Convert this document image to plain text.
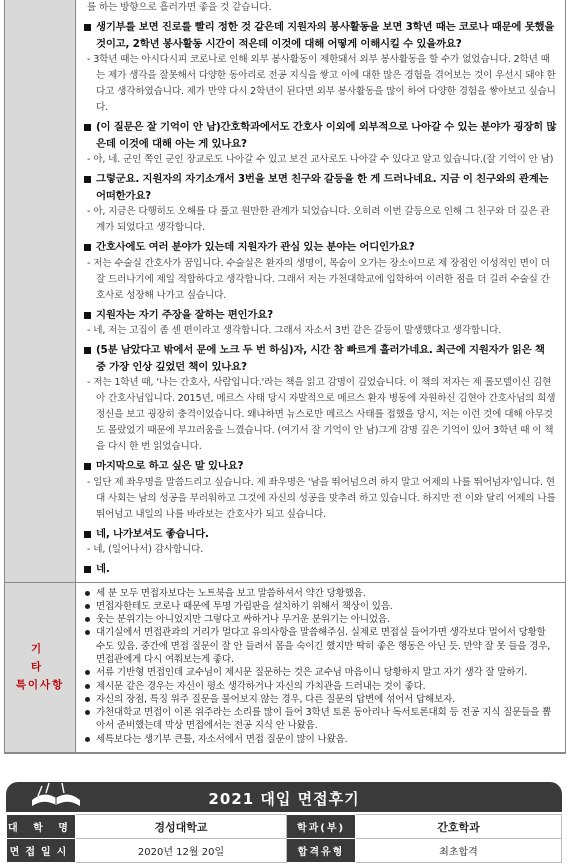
를 하는 방향으로 흘러가면 좋을 것 같습니다.
생기부를 보면 진로를 빨리 정한 것 같은데 지원자의 봉사활동을 보면 3학년 때는 코로나 때문에 못했을 것이고, 2학년 봉사활동 시간이 적은데 이것에 대해 어떻게 이해시킬 수 있을까요?
- 3학년 때는 아시다시피 코로나로 인해 외부 봉사활동이 제한돼서 외부 봉사활동을 할 수가 없었습니다. 2학년 때는 제가 생각을 잘못해서 다양한 동아리로 전공 지식을 쌓고 이에 대한 많은 경험을 겪어보는 것이 우선시 돼야 한다고 생각하였습니다. 제가 만약 다시 2학년이 된다면 외부 봉사활동을 많이 하여 다양한 경험을 쌓아보고 싶습니다.
(이 질문은 잘 기억이 안 남)간호학과에서도 간호사 이외에 외부적으로 나아갈 수 있는 분야가 굉장히 많은데 이것에 대해 아는 게 있나요?
- 아, 네. 군인 쪽인 군인 장교로도 나아갈 수 있고 보건 교사로도 나아갈 수 있다고 알고 있습니다.(잘 기억이 안 남)
그렇군요. 지원자의 자기소개서 3번을 보면 친구와 갈등을 한 게 드러나네요. 지금 이 친구와의 관계는 어떠한가요?
- 아, 지금은 다행히도 오해를 다 풀고 원만한 관계가 되었습니다. 오히려 이번 갈등으로 인해 그 친구와 더 깊은 관계가 되었다고 생각합니다.
간호사에도 여러 분야가 있는데 지원자가 관심 있는 분야는 어디인가요?
- 저는 수술실 간호사가 꿈입니다. 수술실은 환자의 생명이, 목숨이 오가는 장소이므로 제 장점인 이성적인 면이 더 잘 드러나기에 제일 적합하다고 생각합니다. 그래서 저는 가천대학교에 입학하여 이러한 점을 더 길러 수술실 간호사로 성장해 나가고 싶습니다.
지원자는 자기 주장을 잘하는 편인가요?
- 네, 저는 고집이 좀 센 편이라고 생각합니다. 그래서 자소서 3번 같은 갈등이 발생했다고 생각합니다.
(5분 남았다고 밖에서 문에 노크 두 번 하심)자, 시간 참 빠르게 흘러가네요. 최근에 지원자가 읽은 책 중 가장 인상 깊었던 책이 있나요?
- 저는 1학년 때, '나는 간호사, 사람입니다.'라는 책을 읽고 감명이 깊었습니다. 이 책의 저자는 제 롤모델이신 김현아 간호사님입니다. 2015년, 메르스 사태 당시 자발적으로 메르스 환자 병동에 자원하신 김현아 간호사님의 희생 정신을 보고 굉장히 충격이었습니다. 왜냐하면 뉴스로만 메르스 사태를 접했을 당시, 저는 이런 것에 대해 아무것도 몰랐었기 때문에 부끄러움을 느꼈습니다. (여기서 잘 기억이 안 남)그게 감명 깊은 기억이 있어 3학년 때 이 책을 다시 한 번 읽었습니다.
마지막으로 하고 싶은 말 있나요?
- 일단 제 좌우명을 말씀드리고 싶습니다. 제 좌우명은 '남을 뛰어넘으려 하지 말고 어제의 나를 뛰어넘자'입니다. 현대 사회는 남의 성공을 부러워하고 그것에 자신의 성공을 맞추려 하고 있습니다. 하지만 전 이와 달리 어제의 나를 뛰어넘고 내일의 나를 바라보는 간호사가 되고 싶습니다.
네, 나가보셔도 좋습니다.
- 네, (일어나서) 감사합니다.
네.
기 타
특이사항
세 분 모두 면접자보다는 노트북을 보고 말씀하셔서 약간 당황했음.
면접자한테도 코로나 때문에 투명 가림판을 설치하기 위해서 책상이 있음.
웃는 분위기는 아니었지만 그렇다고 싸하거나 무거운 분위기는 아니었음.
대기실에서 면접관과의 거리가 멀다고 유의사항을 말씀해주심. 실제로 면접실 들어가면 생각보다 멀어서 당황할 수도 있음. 중간에 면접 질문이 잘 안 들려서 몸을 숙이긴 했지만 딱히 좋은 행동은 아닌 듯. 만약 잘 못 들을 경우, 면접관에게 다시 여쭤보는게 좋다.
서류 기반형 면접인데 교수님이 제시문 질문하는 것은 교수님 마음이니 당황하지 말고 자기 생각 잘 말하기.
제시문 같은 경우는 자신이 평소 생각하거나 자신의 가치관을 드러내는 것이 좋다.
자신의 장점, 특징 위주 질문을 물어보지 않는 경우, 다른 질문의 답변에 섞어서 답해보자.
가천대학교 면접이 이론 위주라는 소리를 많이 들어 3학년 토론 동아리나 독서토론대회 등 전공 지식 질문들을 뽑아서 준비했는데 막상 면접에서는 전공 지식 안 나왔음.
세특보다는 생기부 큰틀, 자소서에서 면접 질문이 많이 나왔음.
2021 대입 면접후기
대 학 명	경성대학교	학과(부)	간호학과
면접일시	2020년 12월 20일	합격유형	최초합격
